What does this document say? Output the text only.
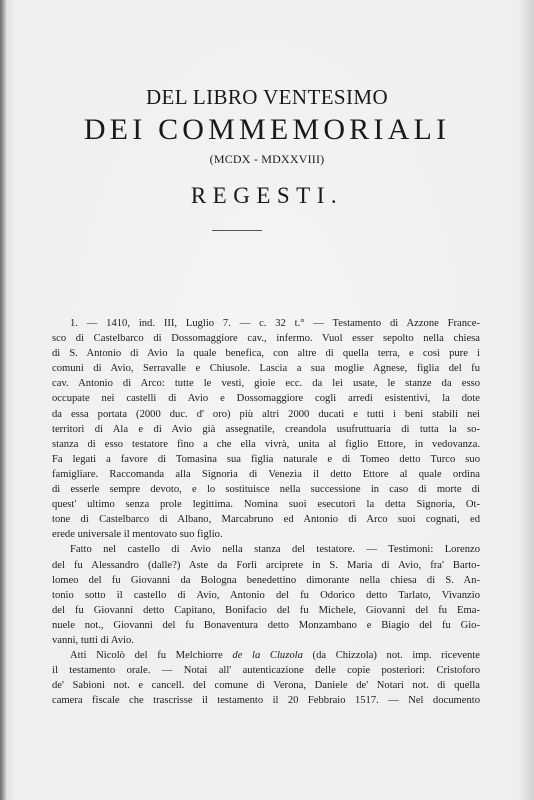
DEL LIBRO VENTESIMO
DEI COMMEMORIALI
(MCDX - MDXXVIII)
REGESTI.

1. — 1410, ind. III, Luglio 7. — c. 32 t.° — Testamento di Azzone France-
sco di Castelbarco di Dossomaggiore cav., infermo. Vuol esser sepolto nella chiesa
di S. Antonio di Avio la quale benefica, con altre di quella terra, e così pure i
comuni di Avio, Serravalle e Chiusole. Lascia a sua moglie Agnese, figlia del fu
cav. Antonio di Arco: tutte le vesti, gioie ecc. da lei usate, le stanze da esso
occupate nei castelli di Avio e Dossomaggiore cogli arredi esistentivi, la dote
da essa portata (2000 duc. d' oro) più altri 2000 ducati e tutti i beni stabili nei
territori di Ala e di Avio già assegnatile, creandola usufruttuaria di tutta la so-
stanza di esso testatore fino a che ella vivrà, unita al figlio Ettore, in vedovanza.
Fa legati a favore di Tomasina sua figlia naturale e di Tomeo detto Turco suo
famigliare. Raccomanda alla Signoria di Venezia il detto Ettore al quale ordina
di esserle sempre devoto, e lo sostituisce nella successione in caso di morte di
quest' ultimo senza prole legittima. Nomina suoi esecutori la detta Signoria, Ot-
tone di Castelbarco di Albano, Marcabruno ed Antonio di Arco suoi cognati, ed
erede universale il mentovato suo figlio.

Fatto nel castello di Avio nella stanza del testatore. — Testimoni: Lorenzo
del fu Alessandro (dalle?) Aste da Forlì arciprete in S. Maria di Avio, fra' Barto-
lomeo del fu Giovanni da Bologna benedettino dimorante nella chiesa di S. An-
tonio sotto il castello di Avio, Antonio del fu Odorico detto Tarlato, Vivanzio
del fu Giovanni detto Capitano, Bonifacio del fu Michele, Giovanni del fu Ema-
nuele not., Giovanni del fu Bonaventura detto Monzambano e Biagio del fu Gio-
vanni, tutti di Avio.

Atti Nicolò del fu Melchiorre de la Cluzola (da Chizzola) not. imp. ricevente
il testamento orale. — Notai all' autenticazione delle copie posteriori: Cristoforo
de' Sabioni not. e cancell. del comune di Verona, Daniele de' Notari not. di quella
camera fiscale che trascrisse il testamento il 20 Febbraio 1517. — Nel documento
